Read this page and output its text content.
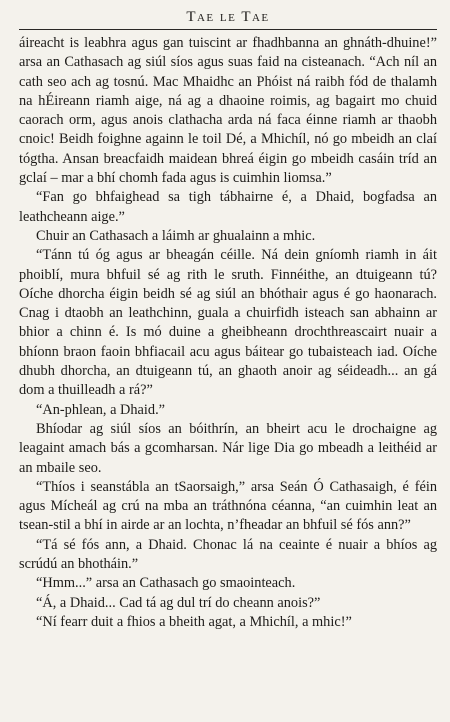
Tae le Tae

áireacht is leabhra agus gan tuiscint ar fhadhbanna an ghnáth-dhuine!” arsa an Cathasach ag siúl síos agus suas faid na cisteanach. “Ach níl an cath seo ach ag tosnú. Mac Mhaidhc an Phóist ná raibh fód de thalamh na hÉireann riamh aige, ná ag a dhaoine roimis, ag bagairt mo chuid caorach orm, agus anois clathacha arda ná faca éinne riamh ar thaobh cnoic! Beidh foighne againn le toil Dé, a Mhichíl, nó go mbeidh an claí tógtha. Ansan breacfaidh maidean bhreá éigin go mbeidh casáin tríd an gclaí – mar a bhí chomh fada agus is cuimhin liomsa.”

“Fan go bhfaighead sa tigh tábhairne é, a Dhaid, bogfadsa an leathcheann aige.”

Chuir an Cathasach a láimh ar ghualainn a mhic.

“Tánn tú óg agus ar bheagán céille. Ná dein gníomh riamh in áit phoiblí, mura bhfuil sé ag rith le sruth. Finnéithe, an dtuigeann tú? Oíche dhorcha éigin beidh sé ag siúl an bhóthair agus é go haonarach. Cnag i dtaobh an leathchinn, guala a chuirfidh isteach san abhainn ar bhior a chinn é. Is mó duine a gheibheann drochthreascairt nuair a bhíonn braon faoin bhfiacail acu agus báitear go tubaisteach iad. Oíche dhubh dhorcha, an dtuigeann tú, an ghaoth anoir ag séideadh... an gá dom a thuilleadh a rá?”

“An-phlean, a Dhaid.”

Bhíodar ag siúl síos an bóithrín, an bheirt acu le drochaigne ag leagaint amach bás a gcomharsan. Nár lige Dia go mbeadh a leithéid ar an mbaile seo.

“Thíos i seanstábla an tSaorsaigh,” arsa Seán Ó Cathasaigh, é féin agus Mícheál ag crú na mba an tráthnóna céanna, “an cuimhin leat an tsean-stil a bhí in airde ar an lochta, n’fheadar an bhfuil sé fós ann?”

“Tá sé fós ann, a Dhaid. Chonac lá na ceainte é nuair a bhíos ag scrúdú an bhotháin.”

“Hmm...” arsa an Cathasach go smaointeach.

“Á, a Dhaid... Cad tá ag dul trí do cheann anois?”

“Ní fearr duit a fhios a bheith agat, a Mhichíl, a mhic!”
